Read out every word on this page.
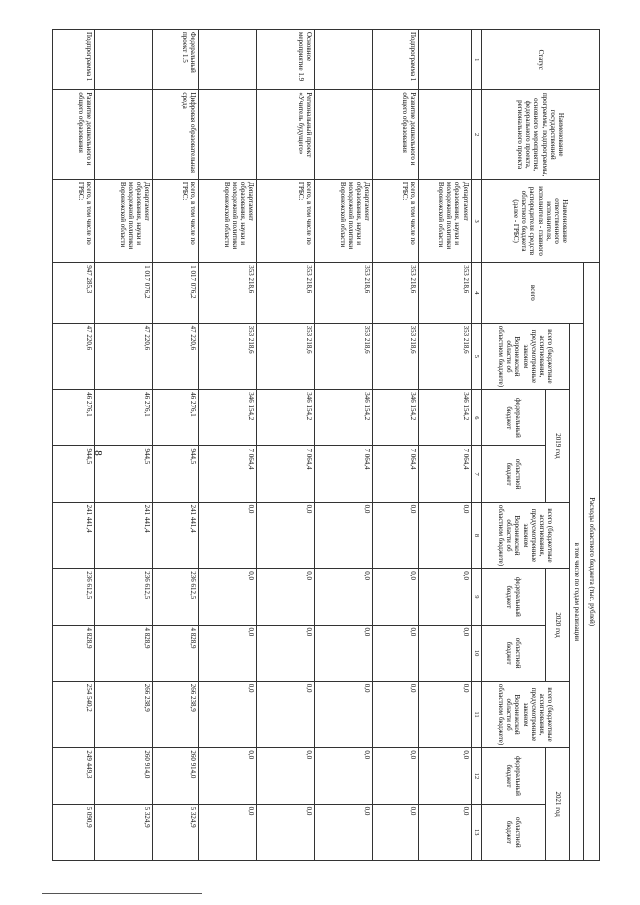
8
Статус	Наименование государственной программы, подпрограммы, основного мероприятия, федерального проекта, регионального проекта	Наименование ответственного исполнителя, исполнителя - главного распорядителя средств областного бюджета (далее - ГРБС)	Расходы областного бюджета (тыс. рублей)									
			всего	в том числе по годам реализации								
				всего (бюджетные ассигнования, предусмотренные законом Воронежской области об областном бюджете)	2019 год		всего (бюджетные ассигнования, предусмотренные законом Воронежской области об областном бюджете)	2020 год		всего (бюджетные ассигнования, предусмотренные законом Воронежской области об областном бюджете)	2021 год	
					федеральный бюджет	областной бюджет		федеральный бюджет	областной бюджет		федеральный бюджет	областной бюджет
1	2	3	4	5	6	7	8	9	10	11	12	13
		Департамент образования, науки и молодежной политики Воронежской области	353 218,6	353 218,6	346 154,2	7 064,4	0,0	0,0	0,0	0,0	0,0	0,0
Подпрограмма 1	Развитие дошкольного и общего образования	всего, в том числе по ГРБС:	353 218,6	353 218,6	346 154,2	7 064,4	0,0	0,0	0,0	0,0	0,0	0,0
		Департамент образования, науки и молодежной политики Воронежской области	353 218,6	353 218,6	346 154,2	7 064,4	0,0	0,0	0,0	0,0	0,0	0,0
Основное мероприятие 1.9	Региональный проект «Учитель будущего»	всего, в том числе по ГРБС:	353 218,6	353 218,6	346 154,2	7 064,4	0,0	0,0	0,0	0,0	0,0	0,0
		Департамент образования, науки и молодежной политики Воронежской области	353 218,6	353 218,6	346 154,2	7 064,4	0,0	0,0	0,0	0,0	0,0	0,0
Федеральный проект 1.5	Цифровая образовательная среда	всего, в том числе по ГРБС:	1 017 076,2	47 220,6	46 276,1	944,5	241 441,4	236 612,5	4 828,9	266 238,9	260 914,0	5 324,9
		Департамент образования, науки и молодежной политики Воронежской области	1 017 076,2	47 220,6	46 276,1	944,5	241 441,4	236 612,5	4 828,9	266 238,9	260 914,0	5 324,9
Подпрограмма 1	Развитие дошкольного и общего образования	всего, в том числе по ГРБС:	947 285,3	47 220,6	46 276,1	944,5	241 441,4	236 612,5	4 828,9	254 540,2	249 449,3	5 090,9
